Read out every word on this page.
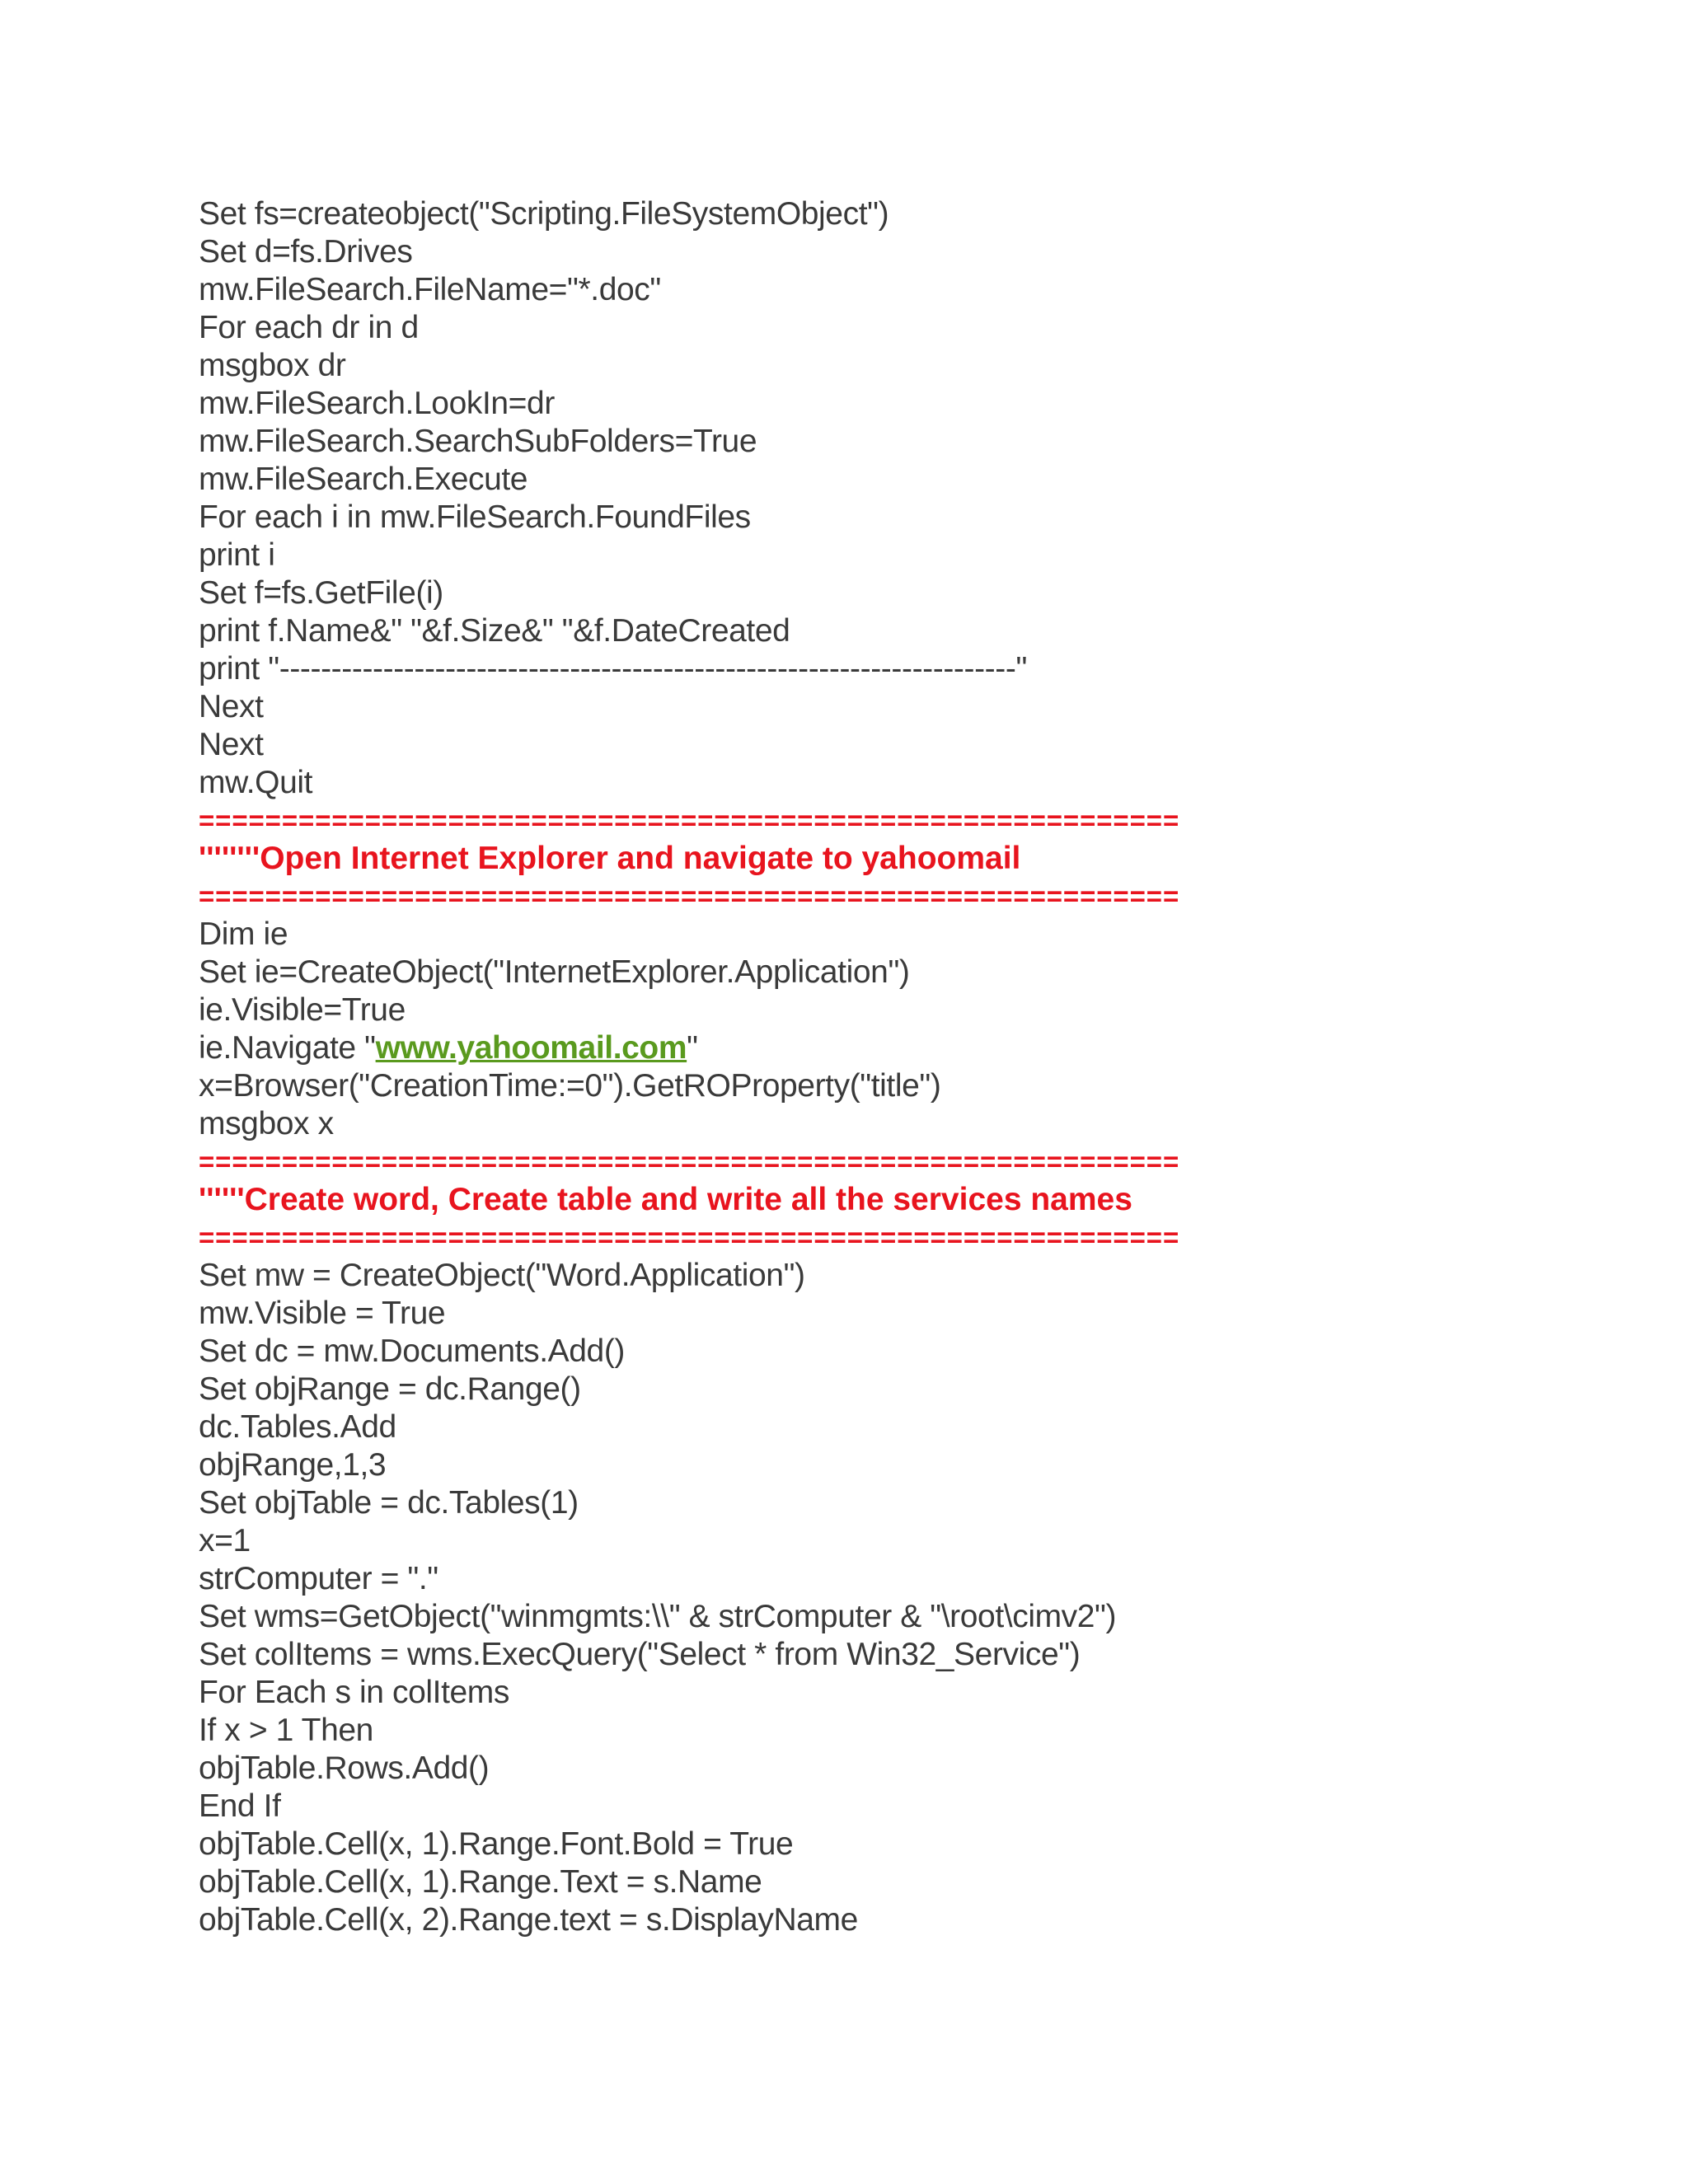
Set fs=createobject("Scripting.FileSystemObject")
Set d=fs.Drives
mw.FileSearch.FileName="*.doc"
For each dr in d
msgbox dr
mw.FileSearch.LookIn=dr
mw.FileSearch.SearchSubFolders=True
mw.FileSearch.Execute
For each i in mw.FileSearch.FoundFiles
print i
Set f=fs.GetFile(i)
print f.Name&" "&f.Size&" "&f.DateCreated
print "-----------------------------------------------------------------------"
Next
Next
mw.Quit
===========================================================
''''''''Open Internet Explorer and navigate to yahoomail
===========================================================
Dim ie
Set ie=CreateObject("InternetExplorer.Application")
ie.Visible=True
ie.Navigate "www.yahoomail.com"
x=Browser("CreationTime:=0").GetROProperty("title")
msgbox x
===========================================================
''''''Create word, Create table and write all the services names
===========================================================
Set mw = CreateObject("Word.Application")
mw.Visible = True
Set dc = mw.Documents.Add()
Set objRange = dc.Range()
dc.Tables.Add
objRange,1,3
Set objTable = dc.Tables(1)
x=1
strComputer = "."
Set wms=GetObject("winmgmts:\\" & strComputer & "\root\cimv2")
Set colItems = wms.ExecQuery("Select * from Win32_Service")
For Each s in colItems
If x > 1 Then
objTable.Rows.Add()
End If
objTable.Cell(x, 1).Range.Font.Bold = True
objTable.Cell(x, 1).Range.Text = s.Name
objTable.Cell(x, 2).Range.text = s.DisplayName
